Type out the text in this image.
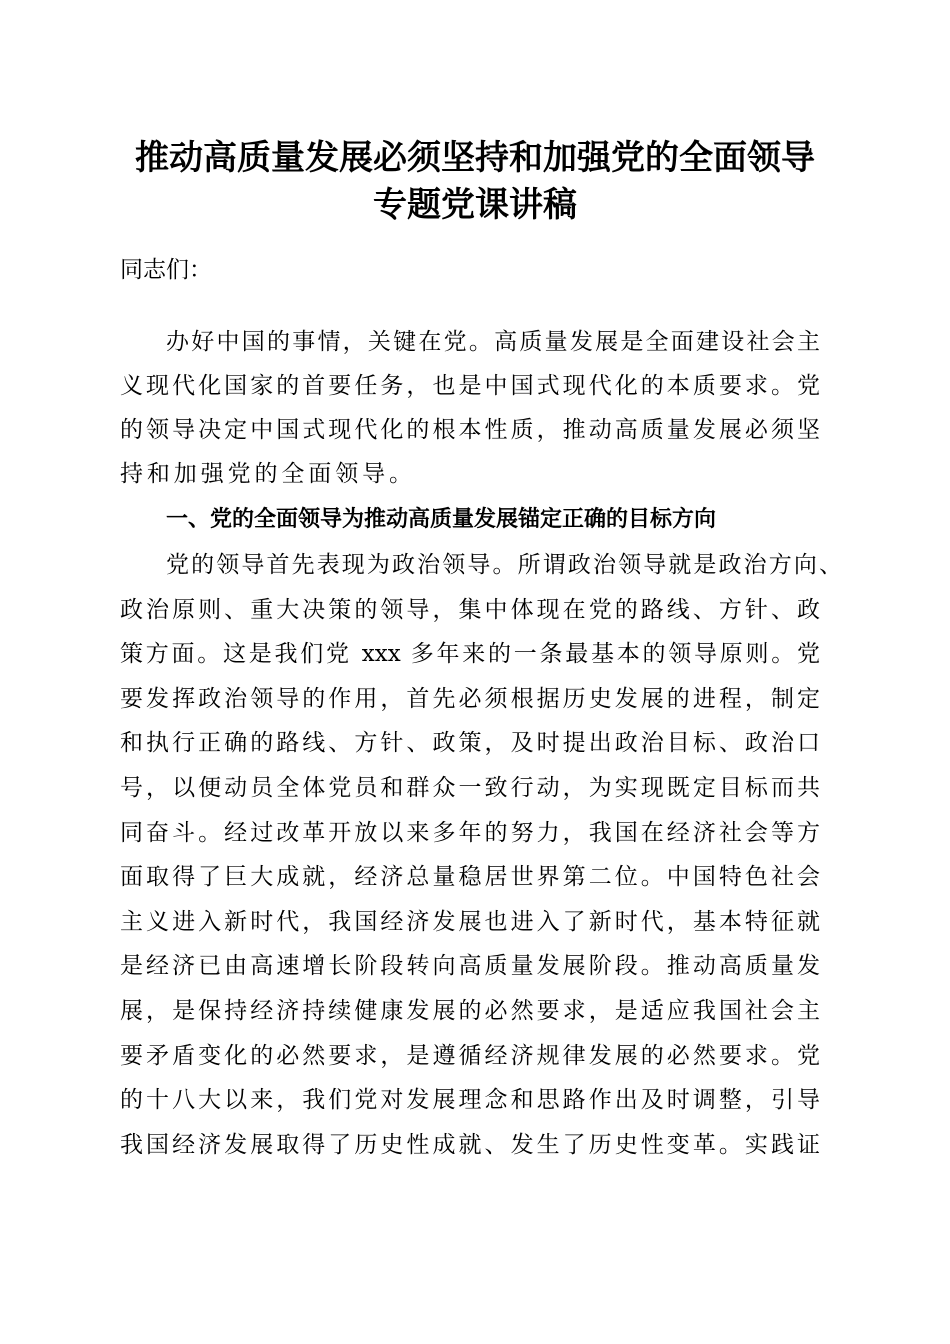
推动高质量发展必须坚持和加强党的全面领导
专题党课讲稿
同志们：
办好中国的事情，关键在党。高质量发展是全面建设社会主
义现代化国家的首要任务，也是中国式现代化的本质要求。党
的领导决定中国式现代化的根本性质，推动高质量发展必须坚
持和加强党的全面领导。
一、党的全面领导为推动高质量发展锚定正确的目标方向
党的领导首先表现为政治领导。所谓政治领导就是政治方向、
政治原则、重大决策的领导，集中体现在党的路线、方针、政
策方面。这是我们党 xxx 多年来的一条最基本的领导原则。党
要发挥政治领导的作用，首先必须根据历史发展的进程，制定
和执行正确的路线、方针、政策，及时提出政治目标、政治口
号，以便动员全体党员和群众一致行动，为实现既定目标而共
同奋斗。经过改革开放以来多年的努力，我国在经济社会等方
面取得了巨大成就，经济总量稳居世界第二位。中国特色社会
主义进入新时代，我国经济发展也进入了新时代，基本特征就
是经济已由高速增长阶段转向高质量发展阶段。推动高质量发
展，是保持经济持续健康发展的必然要求，是适应我国社会主
要矛盾变化的必然要求，是遵循经济规律发展的必然要求。党
的十八大以来，我们党对发展理念和思路作出及时调整，引导
我国经济发展取得了历史性成就、发生了历史性变革。实践证
